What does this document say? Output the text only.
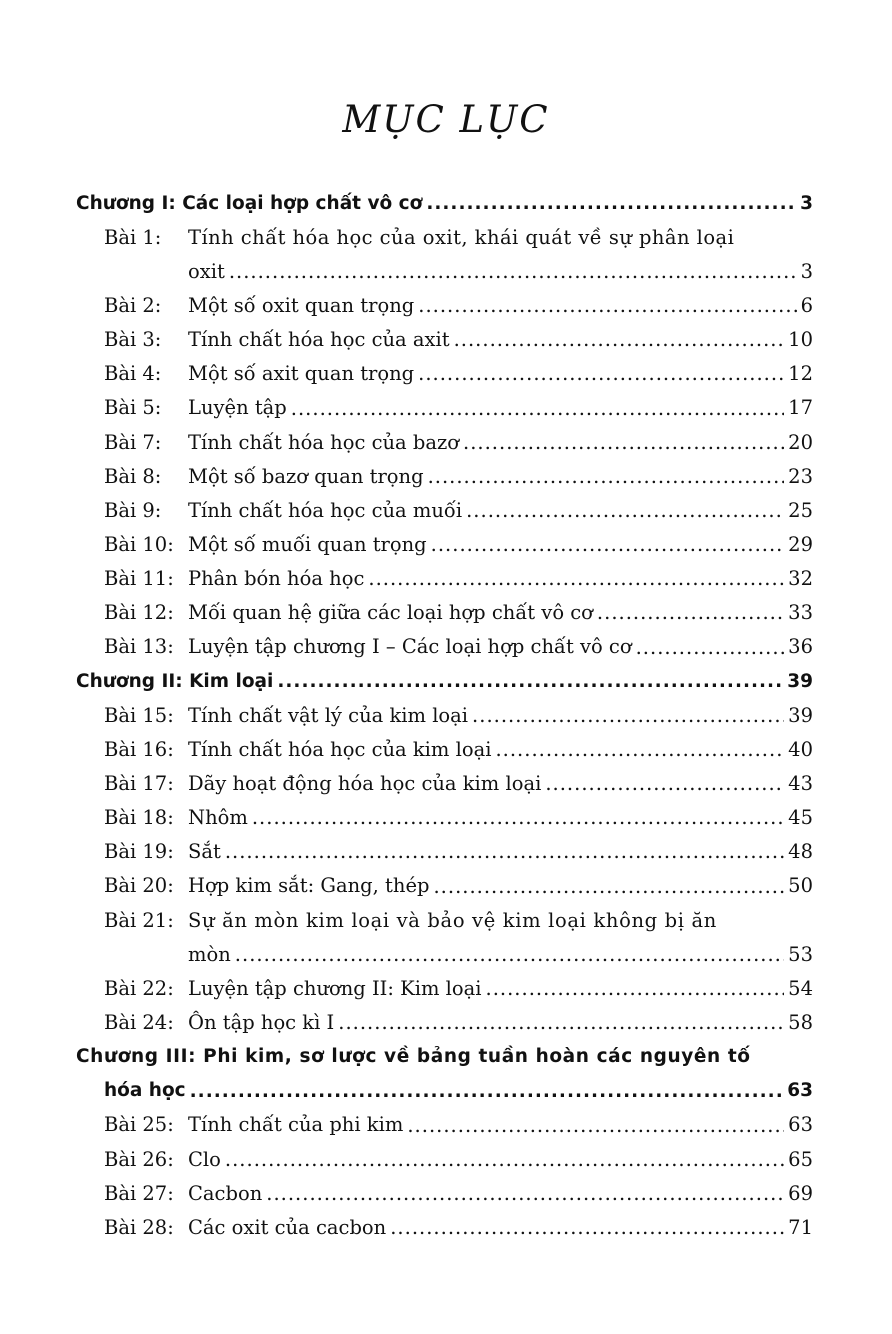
MỤC LỤC
Chương I: Các loại hợp chất vô cơ .....	3
Bài 1:	Tính chất hóa học của oxit, khái quát về sự phân loại
oxit .....	3
Bài 2:	Một số oxit quan trọng .....	6
Bài 3:	Tính chất hóa học của axit .....	10
Bài 4:	Một số axit quan trọng .....	12
Bài 5:	Luyện tập .....	17
Bài 7:	Tính chất hóa học của bazơ .....	20
Bài 8:	Một số bazơ quan trọng .....	23
Bài 9:	Tính chất hóa học của muối .....	25
Bài 10: Một số muối quan trọng .....	29
Bài 11: Phân bón hóa học .....	32
Bài 12: Mối quan hệ giữa các loại hợp chất vô cơ .....	33
Bài 13: Luyện tập chương I – Các loại hợp chất vô cơ .....	36
Chương II: Kim loại .....	39
Bài 15: Tính chất vật lý của kim loại .....	39
Bài 16: Tính chất hóa học của kim loại .....	40
Bài 17: Dãy hoạt động hóa học của kim loại .....	43
Bài 18: Nhôm .....	45
Bài 19: Sắt .....	48
Bài 20: Hợp kim sắt: Gang, thép .....	50
Bài 21: Sự ăn mòn kim loại và bảo vệ kim loại không bị ăn
mòn .....	53
Bài 22: Luyện tập chương II: Kim loại .....	54
Bài 24: Ôn tập học kì I .....	58
Chương III: Phi kim, sơ lược về bảng tuần hoàn các nguyên tố
hóa học .....	63
Bài 25: Tính chất của phi kim .....	63
Bài 26: Clo .....	65
Bài 27: Cacbon .....	69
Bài 28: Các oxit của cacbon .....	71
